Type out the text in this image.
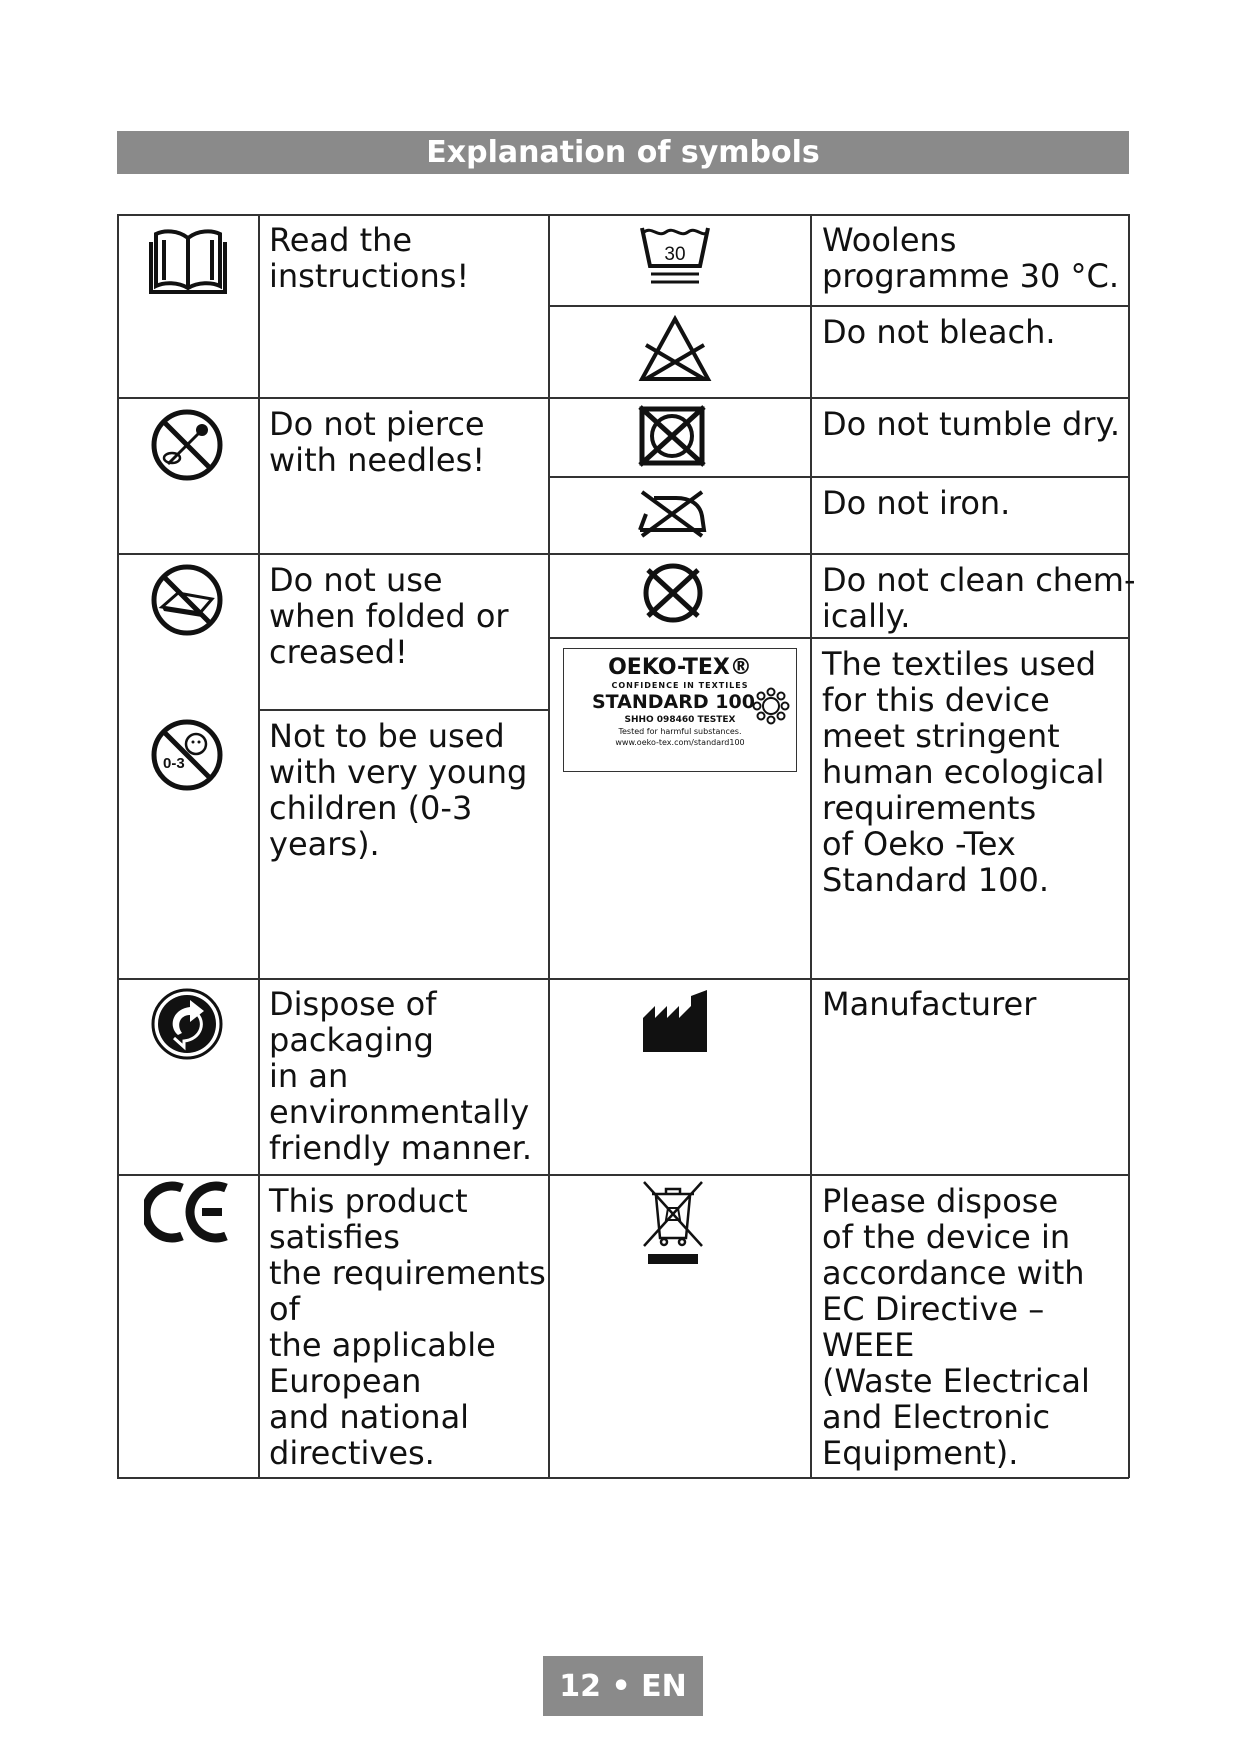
Explanation of symbols
Read the
instructions!
Do not pierce
with needles!
Do not use
when folded or
creased!
Not to be used
with very young
children (0-3
years).
Dispose of
packaging
in an
environmentally
friendly manner.
This product
satisfies
the requirements
of
the applicable
European
and national
directives.
Woolens
programme 30 °C.
Do not bleach.
Do not tumble dry.
Do not iron.
Do not clean chem-
ically.
The textiles used
for this device
meet stringent
human ecological
requirements
of Oeko -Tex
Standard 100.
Manufacturer
Please dispose
of the device in
accordance with
EC Directive –
WEEE
(Waste Electrical
and Electronic
Equipment).
0-3
30
OEKO-TEX®
CONFIDENCE IN TEXTILES
STANDARD 100
SHHO 098460 TESTEX
Tested for harmful substances.
www.oeko-tex.com/standard100
12 • EN
